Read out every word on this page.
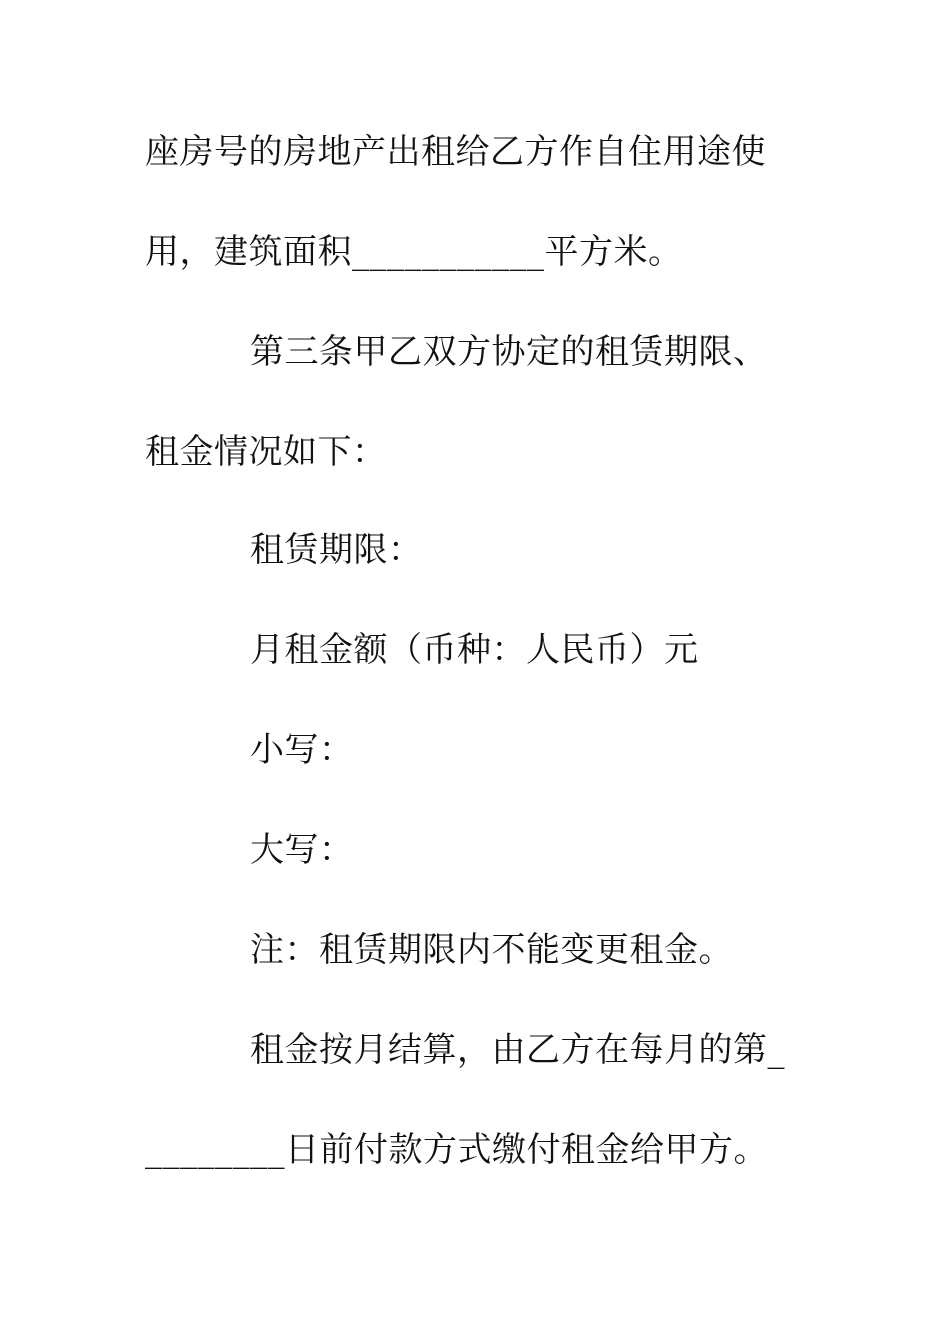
座房号的房地产出租给乙方作自住用途使
用，建筑面积___________平方米。
第三条甲乙双方协定的租赁期限、
租金情况如下：
租赁期限：
月租金额（币种：人民币）元
小写：
大写：
注：租赁期限内不能变更租金。
租金按月结算，由乙方在每月的第_
________日前付款方式缴付租金给甲方。
